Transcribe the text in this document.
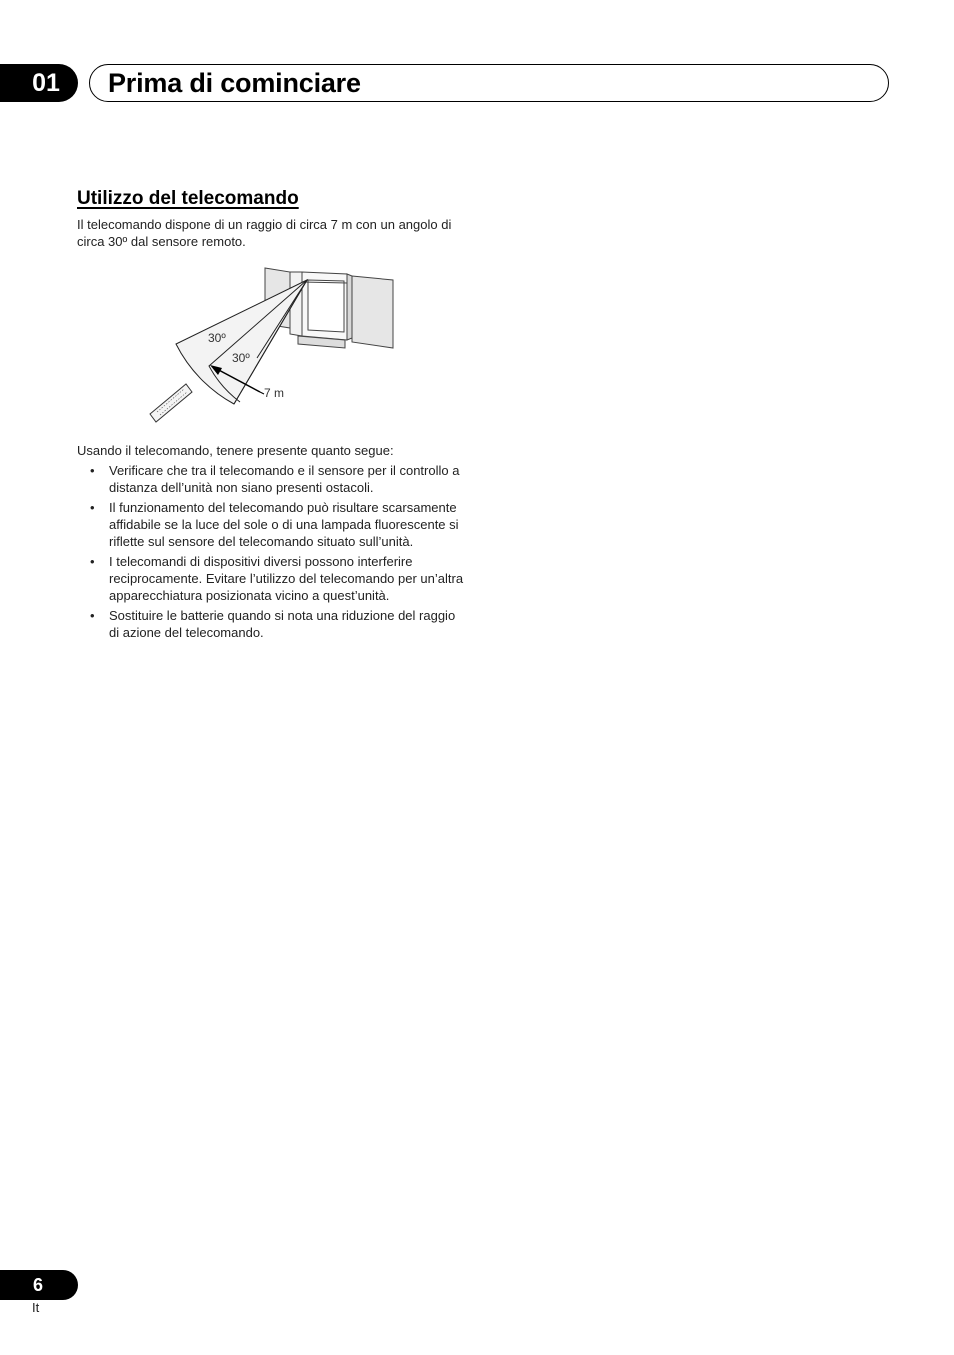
01 Prima di cominciare
Utilizzo del telecomando

Il telecomando dispone di un raggio di circa 7 m con un angolo di circa 30º dal sensore remoto.

30º
30º
7 m

Usando il telecomando, tenere presente quanto segue:

• Verificare che tra il telecomando e il sensore per il controllo a distanza dell’unità non siano presenti ostacoli.
• Il funzionamento del telecomando può risultare scarsamente affidabile se la luce del sole o di una lampada fluorescente si riflette sul sensore del telecomando situato sull’unità.
• I telecomandi di dispositivi diversi possono interferire reciprocamente. Evitare l’utilizzo del telecomando per un’altra apparecchiatura posizionata vicino a quest’unità.
• Sostituire le batterie quando si nota una riduzione del raggio di azione del telecomando.
6
It
